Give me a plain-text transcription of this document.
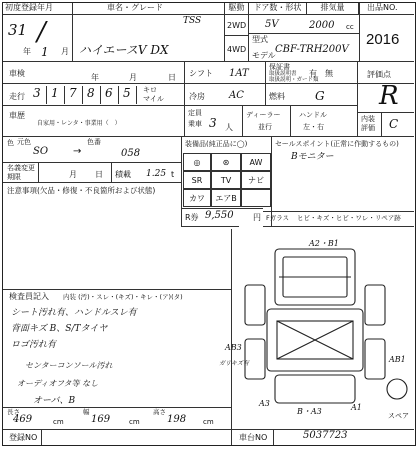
初度登録年月
31
年
/
1 月
車名・グレード
TSS
ハイエースV DX
駆動	ドア数・形状	排気量
2WD
4WD
5V	2000 cc
型式
モデル
CBF-TRH200V
出品NO.
2016
車検	年	月	日 シフト 1AT
保証書
取扱説明書
取扱説明・ガード類
有 無	評価点
走行 3 1 7 8 6 5 キロ
マイル	冷房 AC	燃料	G R
車歴
自家用・レンタ・事業用（　）
定員
乗車 3 人
ディーラー
並行
ハンドル
左・右
内装
評価 C
色 元色	色番
SO →	058
名義変更
期限	月 日 積載 1.25 t
注意事項(欠品・修復・不良箇所および状態)
装備品(純正品に◯)
◎	⊛	AW
SR	TV	ナビ
カワ	エアB
R券 9,550 円
セールスポイント(正常に作動するもの)
Bモニター
Fガラス ヒビ・キズ・ヒビ・ワレ・リペア跡
検査員記入 内装 (汚)・スレ・(キズ)・キレ・(ア)(タ)
シート汚れ有、ハンドルスレ有
背面キズ B、S/Tタイヤ
ロゴ汚れ有
センターコンソール汚れ
オーディオフタ等 なし
オーバ、B
A2・B1
AB3
ガリキズ有	AB1
A3
B・A3	A1
スペア
長さ	幅	高さ
469	cm	169	cm	198 cm
登録NO	車台NO	5037723
